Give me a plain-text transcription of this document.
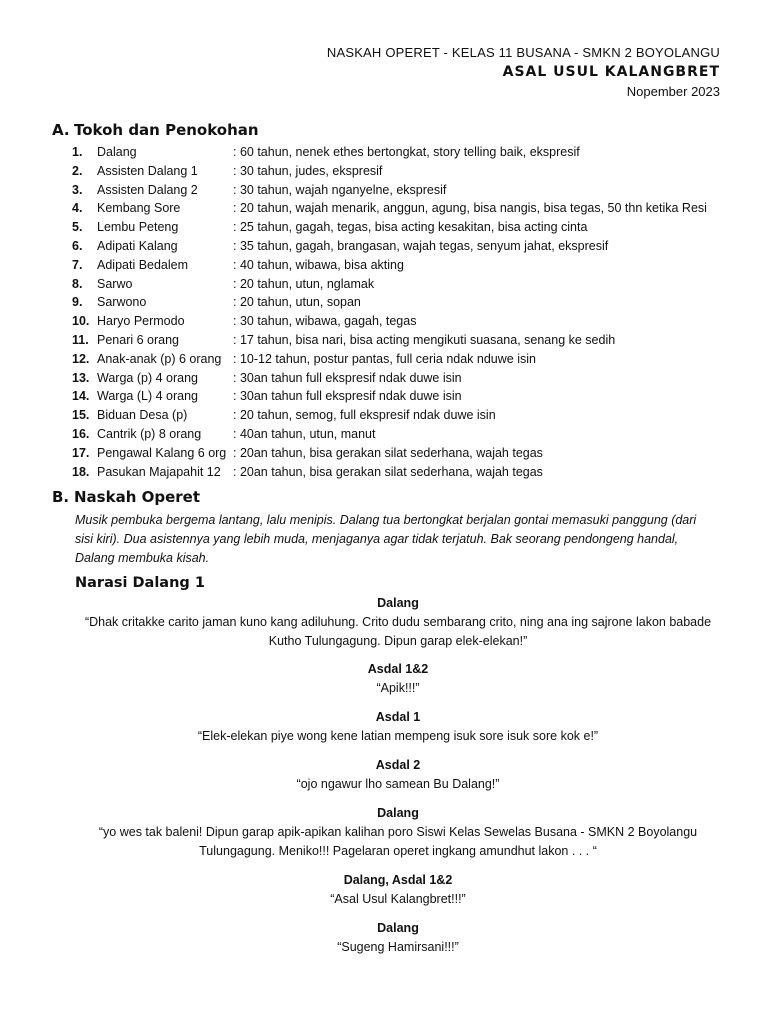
NASKAH OPERET - KELAS 11 BUSANA - SMKN 2 BOYOLANGU
ASAL USUL KALANGBRET
Nopember 2023
A. Tokoh dan Penokohan
1.	Dalang	: 60 tahun, nenek ethes bertongkat, story telling baik, ekspresif
2.	Assisten Dalang 1	: 30 tahun, judes, ekspresif
3.	Assisten Dalang 2	: 30 tahun, wajah nganyelne, ekspresif
4.	Kembang Sore	: 20 tahun, wajah menarik, anggun, agung, bisa nangis, bisa tegas, 50 thn ketika Resi
5.	Lembu Peteng	: 25 tahun, gagah, tegas, bisa acting kesakitan, bisa acting cinta
6.	Adipati Kalang	: 35 tahun, gagah, brangasan, wajah tegas, senyum jahat, ekspresif
7.	Adipati Bedalem	: 40 tahun, wibawa, bisa akting
8.	Sarwo	: 20 tahun, utun, nglamak
9.	Sarwono	: 20 tahun, utun, sopan
10. Haryo Permodo	: 30 tahun, wibawa, gagah, tegas
11. Penari 6 orang	: 17 tahun, bisa nari, bisa acting mengikuti suasana, senang ke sedih
12. Anak-anak (p) 6 orang : 10-12 tahun, postur pantas, full ceria ndak nduwe isin
13. Warga (p) 4 orang	: 30an tahun full ekspresif ndak duwe isin
14. Warga (L) 4 orang	: 30an tahun full ekspresif ndak duwe isin
15. Biduan Desa (p)	: 20 tahun, semog, full ekspresif ndak duwe isin
16. Cantrik (p) 8 orang	: 40an tahun, utun, manut
17. Pengawal Kalang 6 org : 20an tahun, bisa gerakan silat sederhana, wajah tegas
18. Pasukan Majapahit 12 : 20an tahun, bisa gerakan silat sederhana, wajah tegas
B. Naskah Operet
Musik pembuka bergema lantang, lalu menipis. Dalang tua bertongkat berjalan gontai memasuki panggung (dari sisi kiri). Dua asistennya yang lebih muda, menjaganya agar tidak terjatuh. Bak seorang pendongeng handal, Dalang membuka kisah.
Narasi Dalang 1
Dalang
“Dhak critakke carito jaman kuno kang adiluhung. Crito dudu sembarang crito, ning ana ing sajrone lakon babade Kutho Tulungagung. Dipun garap elek-elekan!”
Asdal 1&2
“Apik!!!”
Asdal 1
“Elek-elekan piye wong kene latian mempeng isuk sore isuk sore kok e!”
Asdal 2
“ojo ngawur lho samean Bu Dalang!”
Dalang
“yo wes tak baleni! Dipun garap apik-apikan kalihan poro Siswi Kelas Sewelas Busana - SMKN 2 Boyolangu Tulungagung. Meniko!!! Pagelaran operet ingkang amundhut lakon . . . “
Dalang, Asdal 1&2
“Asal Usul Kalangbret!!!”
Dalang
“Sugeng Hamirsani!!!”
